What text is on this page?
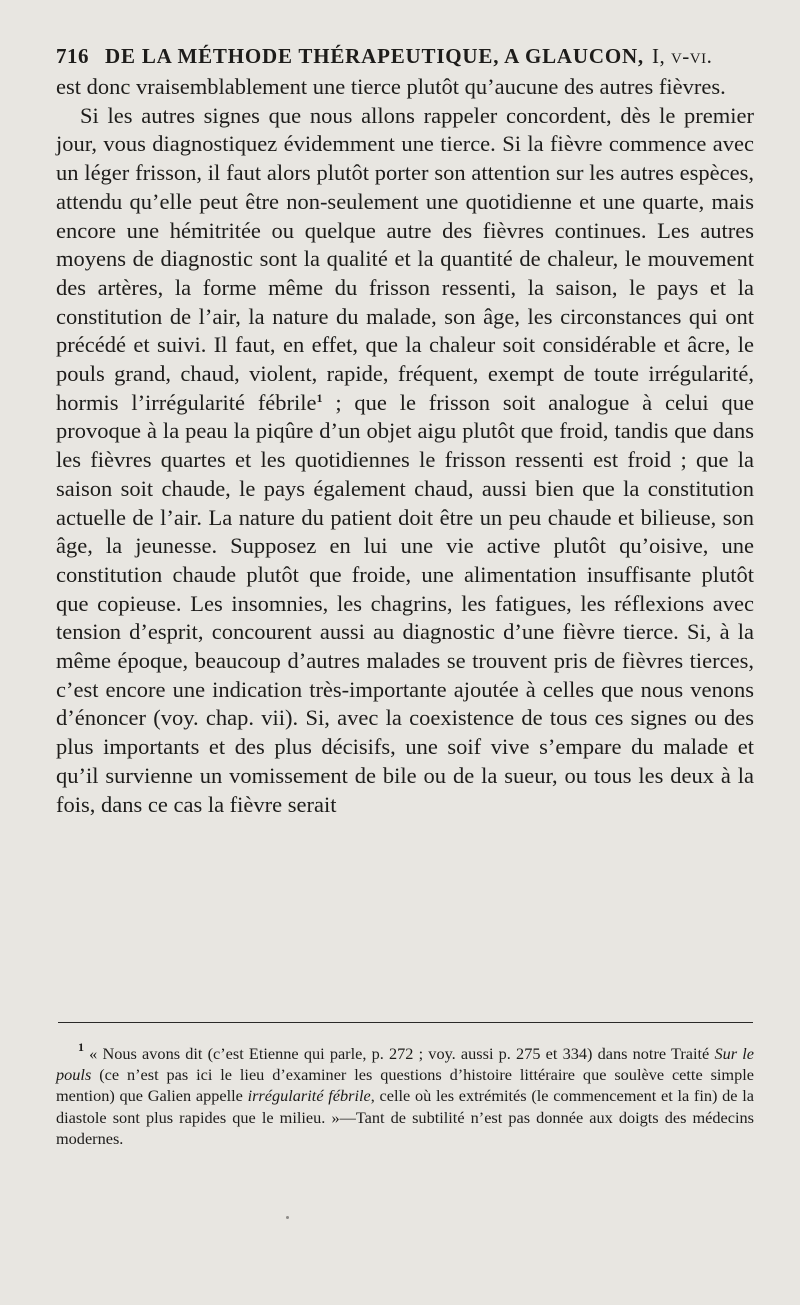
716 DE LA MÉTHODE THÉRAPEUTIQUE, A GLAUCON, I, v-vi.

est donc vraisemblablement une tierce plutôt qu’aucune des autres fièvres.

Si les autres signes que nous allons rappeler concordent, dès le premier jour, vous diagnostiquez évidemment une tierce. Si la fièvre commence avec un léger frisson, il faut alors plutôt porter son attention sur les autres espèces, attendu qu’elle peut être non-seulement une quotidienne et une quarte, mais encore une hémitritée ou quelque autre des fièvres continues. Les autres moyens de diagnostic sont la qualité et la quantité de chaleur, le mouvement des artères, la forme même du frisson ressenti, la saison, le pays et la constitution de l’air, la nature du malade, son âge, les circonstances qui ont précédé et suivi. Il faut, en effet, que la chaleur soit considérable et âcre, le pouls grand, chaud, violent, rapide, fréquent, exempt de toute irrégularité, hormis l’irrégularité fébrile$^1$ ; que le frisson soit analogue à celui que provoque à la peau la piqûre d’un objet aigu plutôt que froid, tandis que dans les fièvres quartes et les quotidiennes le frisson ressenti est froid ; que la saison soit chaude, le pays également chaud, aussi bien que la constitution actuelle de l’air. La nature du patient doit être un peu chaude et bilieuse, son âge, la jeunesse. Supposez en lui une vie active plutôt qu’oisive, une constitution chaude plutôt que froide, une alimentation insuffisante plutôt que copieuse. Les insomnies, les chagrins, les fatigues, les réflexions avec tension d’esprit, concourent aussi au diagnostic d’une fièvre tierce. Si, à la même époque, beaucoup d’autres malades se trouvent pris de fièvres tierces, c’est encore une indication très-importante ajoutée à celles que nous venons d’énoncer (voy. chap. vii). Si, avec la coexistence de tous ces signes ou des plus importants et des plus décisifs, une soif vive s’empare du malade et qu’il survienne un vomissement de bile ou de la sueur, ou tous les deux à la fois, dans ce cas la fièvre serait

$^1$ « Nous avons dit (c’est Etienne qui parle, p. 272 ; voy. aussi p. 275 et 334) dans notre Traité Sur le pouls (ce n’est pas ici le lieu d’examiner les questions d’histoire littéraire que soulève cette simple mention) que Galien appelle irrégularité fébrile, celle où les extrémités (le commencement et la fin) de la diastole sont plus rapides que le milieu. »—Tant de subtilité n’est pas donnée aux doigts des médecins modernes.
